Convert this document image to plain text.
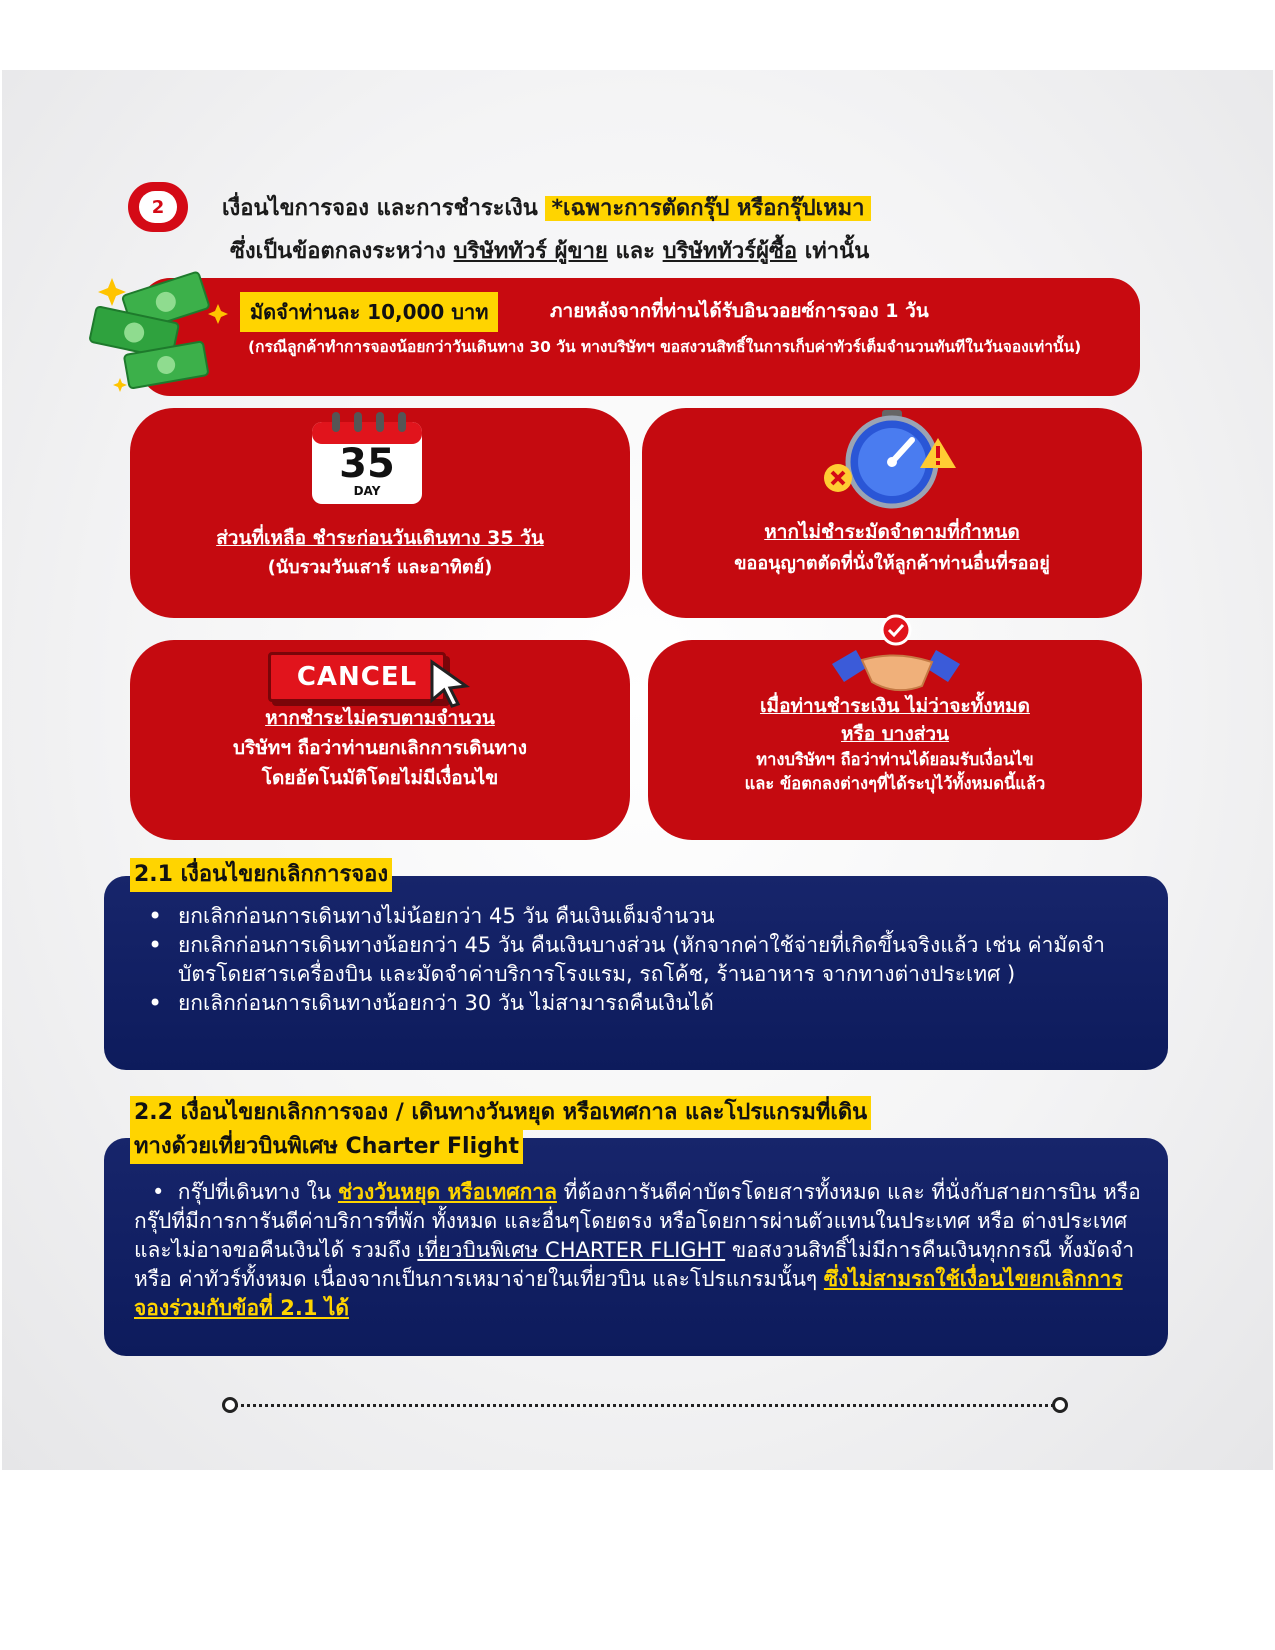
2	เงื่อนไขการจอง และการชำระเงิน *เฉพาะการตัดกรุ๊ป หรือกรุ๊ปเหมา
ซึ่งเป็นข้อตกลงระหว่าง บริษัททัวร์ ผู้ขาย และ บริษัททัวร์ผู้ซื้อ เท่านั้น
มัดจำท่านละ 10,000 บาท	ภายหลังจากที่ท่านได้รับอินวอยซ์การจอง 1 วัน
(กรณีลูกค้าทำการจองน้อยกว่าวันเดินทาง 30 วัน ทางบริษัทฯ ขอสงวนสิทธิ์ในการเก็บค่าทัวร์เต็มจำนวนทันทีในวันจองเท่านั้น)
35
DAY
ส่วนที่เหลือ ชำระก่อนวันเดินทาง 35 วัน
(นับรวมวันเสาร์ และอาทิตย์)
หากไม่ชำระมัดจำตามที่กำหนด
ขออนุญาตตัดที่นั่งให้ลูกค้าท่านอื่นที่รออยู่
CANCEL
หากชำระไม่ครบตามจำนวน
บริษัทฯ ถือว่าท่านยกเลิกการเดินทาง
โดยอัตโนมัติโดยไม่มีเงื่อนไข
เมื่อท่านชำระเงิน ไม่ว่าจะทั้งหมด
หรือ บางส่วน
ทางบริษัทฯ ถือว่าท่านได้ยอมรับเงื่อนไข
และ ข้อตกลงต่างๆที่ได้ระบุไว้ทั้งหมดนี้แล้ว
• ยกเลิกก่อนการเดินทางไม่น้อยกว่า 45 วัน คืนเงินเต็มจำนวน
• ยกเลิกก่อนการเดินทางน้อยกว่า 45 วัน คืนเงินบางส่วน (หักจากค่าใช้จ่ายที่เกิดขึ้นจริงแล้ว เช่น ค่ามัดจำบัตรโดยสารเครื่องบิน และมัดจำค่าบริการโรงแรม, รถโค้ช, ร้านอาหาร จากทางต่างประเทศ )
• ยกเลิกก่อนการเดินทางน้อยกว่า 30 วัน ไม่สามารถคืนเงินได้
2.1 เงื่อนไขยกเลิกการจอง
•  กรุ๊ปที่เดินทาง ใน ช่วงวันหยุด หรือเทศกาล ที่ต้องการันตีค่าบัตรโดยสารทั้งหมด และ ที่นั่งกับสายการบิน หรือกรุ๊ปที่มีการการันตีค่าบริการที่พัก ทั้งหมด และอื่นๆโดยตรง หรือโดยการผ่านตัวแทนในประเทศ หรือ ต่างประเทศ และไม่อาจขอคืนเงินได้ รวมถึง เที่ยวบินพิเศษ CHARTER FLIGHT ขอสงวนสิทธิ์ไม่มีการคืนเงินทุกกรณี ทั้งมัดจำ หรือ ค่าทัวร์ทั้งหมด เนื่องจากเป็นการเหมาจ่ายในเที่ยวบิน และโปรแกรมนั้นๆ ซึ่งไม่สามรถใช้เงื่อนไขยกเลิกการจองร่วมกับข้อที่ 2.1 ได้
2.2 เงื่อนไขยกเลิกการจอง / เดินทางวันหยุด หรือเทศกาล และโปรแกรมที่เดิน
ทางด้วยเที่ยวบินพิเศษ Charter Flight
